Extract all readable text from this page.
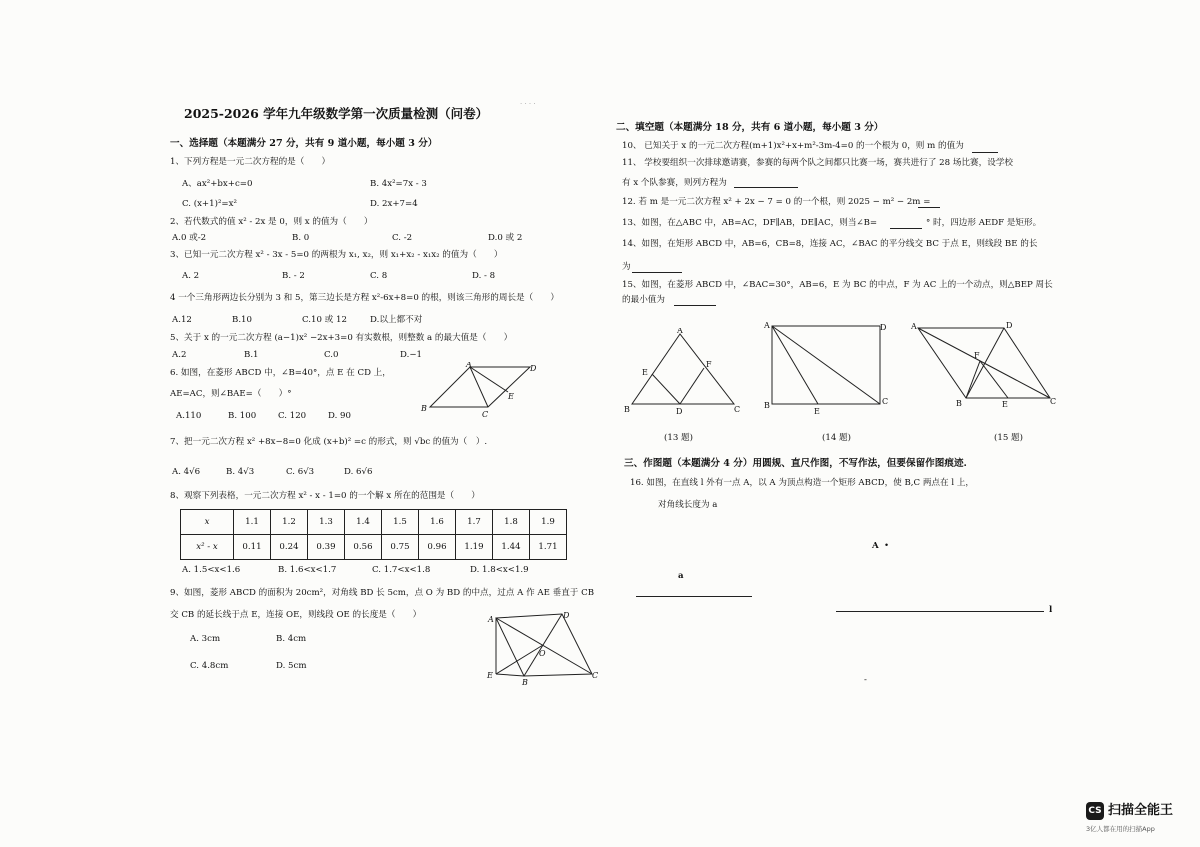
· · · ·
2025-2026 学年九年级数学第一次质量检测（问卷）
一、选择题（本题满分 27 分，共有 9 道小题，每小题 3 分）
1、下列方程是一元二次方程的是（　　）
A、ax²+bx+c=0	B. 4x²=7x - 3
C. (x+1)²=x²	D. 2x+7=4
2、若代数式的值 x² - 2x 是 0，则 x 的值为（　　）
A.0 或-2	B. 0	C. -2	D.0 或 2
3、已知一元二次方程 x² - 3x - 5=0 的两根为 x₁, x₂，则 x₁+x₂ - x₁x₂ 的值为（　　）
A. 2	B. - 2	C. 8	D. - 8
4 一个三角形两边长分别为 3 和 5，第三边长是方程 x²-6x+8=0 的根，则该三角形的周长是（　　）
A.12	B.10	C.10 或 12	D.以上都不对
5、关于 x 的一元二次方程 (a−1)x² −2x+3=0 有实数根，则整数 a 的最大值是（　　）
A.2	B.1	C.0	D.−1
6. 如图，在菱形 ABCD 中，∠B=40°，点 E 在 CD 上，
AE=AC，则∠BAE=（　　）°
A.110	B. 100	C. 120	D. 90
A	D
B
C
E
7、把一元二次方程 x² +8x−8=0 化成 (x+b)² =c 的形式，则 √bc 的值为（　）.
A. 4√6	B. 4√3	C. 6√3	D. 6√6
8、观察下列表格，一元二次方程 x² - x - 1=0 的一个解 x 所在的范围是（　　）
x	1.1	1.2	1.3	1.4	1.5	1.6	1.7	1.8	1.9
x² - x	0.11	0.24	0.39	0.56	0.75	0.96	1.19	1.44	1.71
A. 1.5<x<1.6	B. 1.6<x<1.7	C. 1.7<x<1.8	D. 1.8<x<1.9
9、如图，菱形 ABCD 的面积为 20cm²，对角线 BD 长 5cm，点 O 为 BD 的中点，过点 A 作 AE 垂直于 CB
交 CB 的延长线于点 E，连接 OE，则线段 OE 的长度是（　　）
A. 3cm	B. 4cm
C. 4.8cm	D. 5cm
A	D
E
B
C
O
二、填空题（本题满分 18 分，共有 6 道小题，每小题 3 分）
10、 已知关于 x 的一元二次方程(m+1)x²+x+m²-3m-4=0 的一个根为 0，则 m 的值为
11、 学校要组织一次排球邀请赛，参赛的每两个队之间都只比赛一场，赛共进行了 28 场比赛，设学校
有 x 个队参赛，则列方程为
12. 若 m 是一元二次方程 x² + 2x − 7 = 0 的一个根，则 2025 − m² − 2m =
13、如图，在△ABC 中，AB=AC，DF∥AB，DE∥AC，则当∠B=	° 时，四边形 AEDF 是矩形。
14、如图，在矩形 ABCD 中，AB=6，CB=8，连接 AC，∠BAC 的平分线交 BC 于点 E，则线段 BE 的长
为
15、如图，在菱形 ABCD 中，∠BAC=30°，AB=6，E 为 BC 的中点，F 为 AC 上的一个动点，则△BEP 周长
的最小值为
A
B	D	C
E
F
(13 题)
A	D
B
E
C
(14 题)
A	D
F
B	E	C
(15 题)
三、作图题（本题满分 4 分）用圆规、直尺作图，不写作法，但要保留作图痕迹.
16. 如图，在直线 l 外有一点 A，以 A 为顶点构造一个矩形 ABCD，使 B,C 两点在 l 上，
对角线长度为 a
A •
a
l
-
CS 扫描全能王
3亿人都在用的扫描App
